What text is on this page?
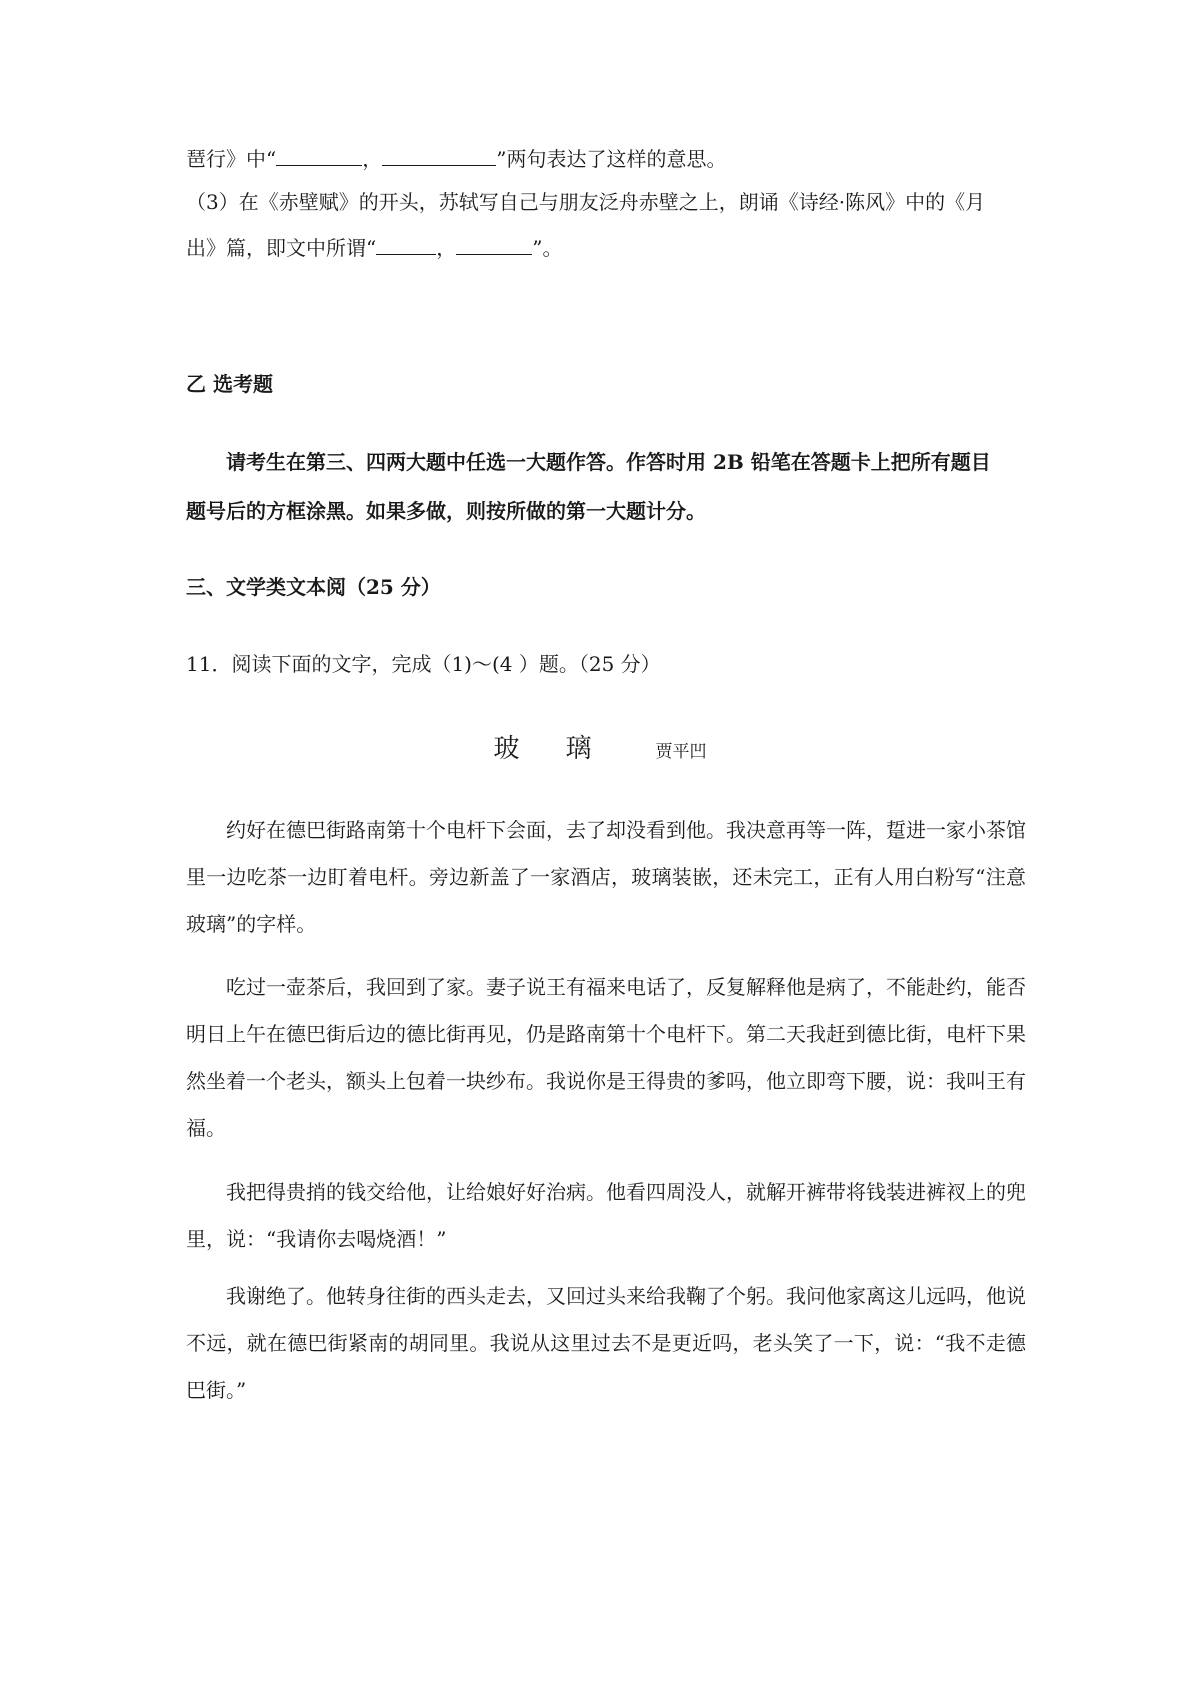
琶行》中“	，	”两句表达了这样的意思。
（3）在《赤壁赋》的开头，苏轼写自己与朋友泛舟赤壁之上，朗诵《诗经·陈风》中的《月
出》篇，即文中所谓“	，	”。
乙 选考题
请考生在第三、四两大题中任选一大题作答。作答时用 2B 铅笔在答题卡上把所有题目
题号后的方框涂黑。如果多做，则按所做的第一大题计分。
三、文学类文本阅（25 分）
11．阅读下面的文字，完成（1)～(4 ）题。（25 分）
玻璃 贾平凹
约好在德巴街路南第十个电杆下会面，去了却没看到他。我决意再等一阵，踅进一家小茶馆里一边吃茶一边盯着电杆。旁边新盖了一家酒店，玻璃装嵌，还未完工，正有人用白粉写“注意玻璃”的字样。
吃过一壶茶后，我回到了家。妻子说王有福来电话了，反复解释他是病了，不能赴约，能否明日上午在德巴街后边的德比街再见，仍是路南第十个电杆下。第二天我赶到德比街，电杆下果然坐着一个老头，额头上包着一块纱布。我说你是王得贵的爹吗，他立即弯下腰，说：我叫王有福。
我把得贵捎的钱交给他，让给娘好好治病。他看四周没人，就解开裤带将钱装进裤衩上的兜里，说：“我请你去喝烧酒！”
我谢绝了。他转身往街的西头走去，又回过头来给我鞠了个躬。我问他家离这儿远吗，他说不远，就在德巴街紧南的胡同里。我说从这里过去不是更近吗，老头笑了一下，说：“我不走德巴街。”
